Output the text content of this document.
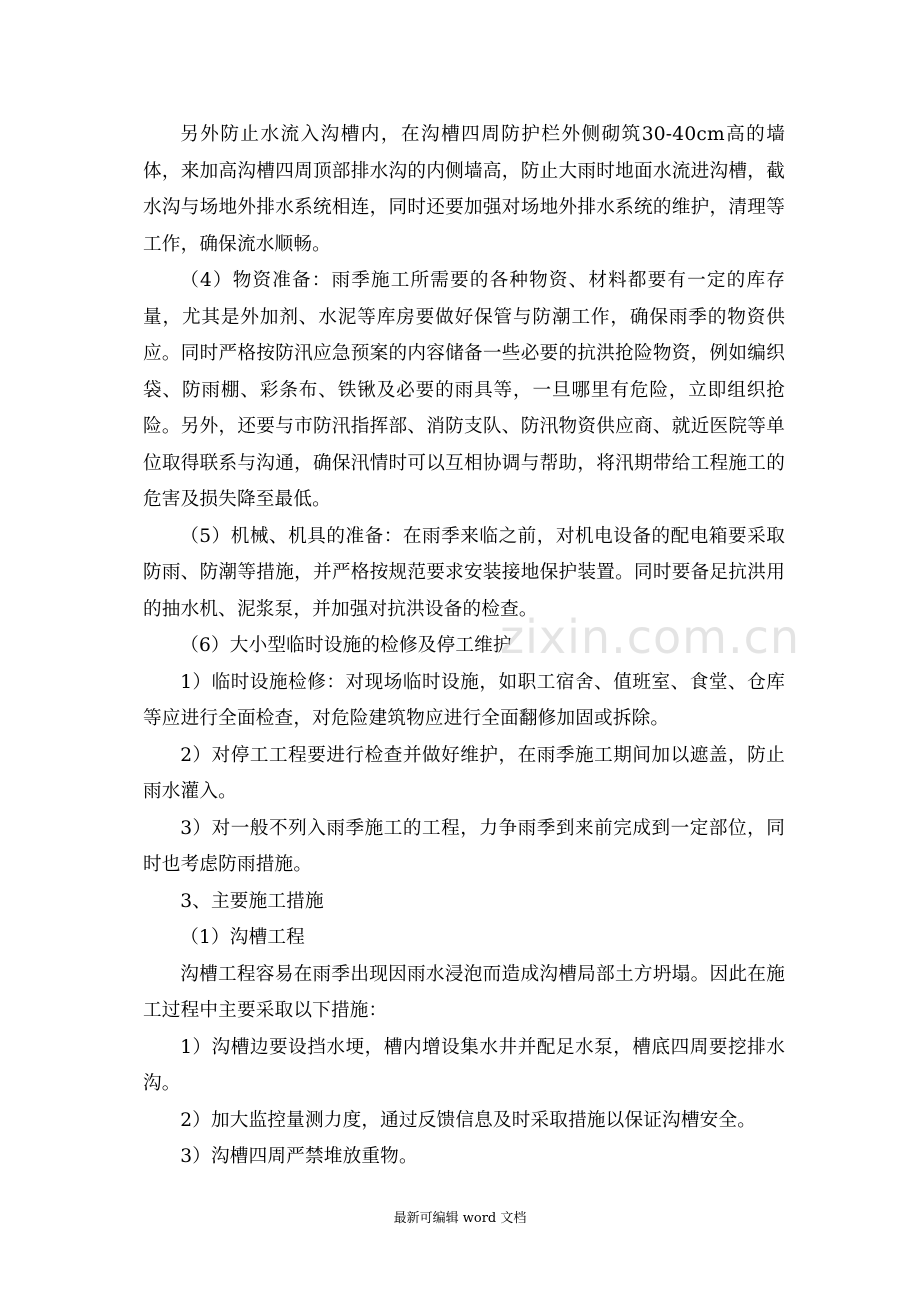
另外防止水流入沟槽内，在沟槽四周防护栏外侧砌筑30-40cm高的墙体，来加高沟槽四周顶部排水沟的内侧墙高，防止大雨时地面水流进沟槽，截水沟与场地外排水系统相连，同时还要加强对场地外排水系统的维护，清理等工作，确保流水顺畅。

（4）物资准备：雨季施工所需要的各种物资、材料都要有一定的库存量，尤其是外加剂、水泥等库房要做好保管与防潮工作，确保雨季的物资供应。同时严格按防汛应急预案的内容储备一些必要的抗洪抢险物资，例如编织袋、防雨棚、彩条布、铁锹及必要的雨具等，一旦哪里有危险，立即组织抢险。另外，还要与市防汛指挥部、消防支队、防汛物资供应商、就近医院等单位取得联系与沟通，确保汛情时可以互相协调与帮助，将汛期带给工程施工的危害及损失降至最低。

（5）机械、机具的准备：在雨季来临之前，对机电设备的配电箱要采取防雨、防潮等措施，并严格按规范要求安装接地保护装置。同时要备足抗洪用的抽水机、泥浆泵，并加强对抗洪设备的检查。

（6）大小型临时设施的检修及停工维护

1）临时设施检修：对现场临时设施，如职工宿舍、值班室、食堂、仓库等应进行全面检查，对危险建筑物应进行全面翻修加固或拆除。

2）对停工工程要进行检查并做好维护，在雨季施工期间加以遮盖，防止雨水灌入。

3）对一般不列入雨季施工的工程，力争雨季到来前完成到一定部位，同时也考虑防雨措施。

3、主要施工措施

（1）沟槽工程

沟槽工程容易在雨季出现因雨水浸泡而造成沟槽局部土方坍塌。因此在施工过程中主要采取以下措施：

1）沟槽边要设挡水埂，槽内增设集水井并配足水泵，槽底四周要挖排水沟。

2）加大监控量测力度，通过反馈信息及时采取措施以保证沟槽安全。

3）沟槽四周严禁堆放重物。

zixin.com.cn
最新可编辑 word 文档
